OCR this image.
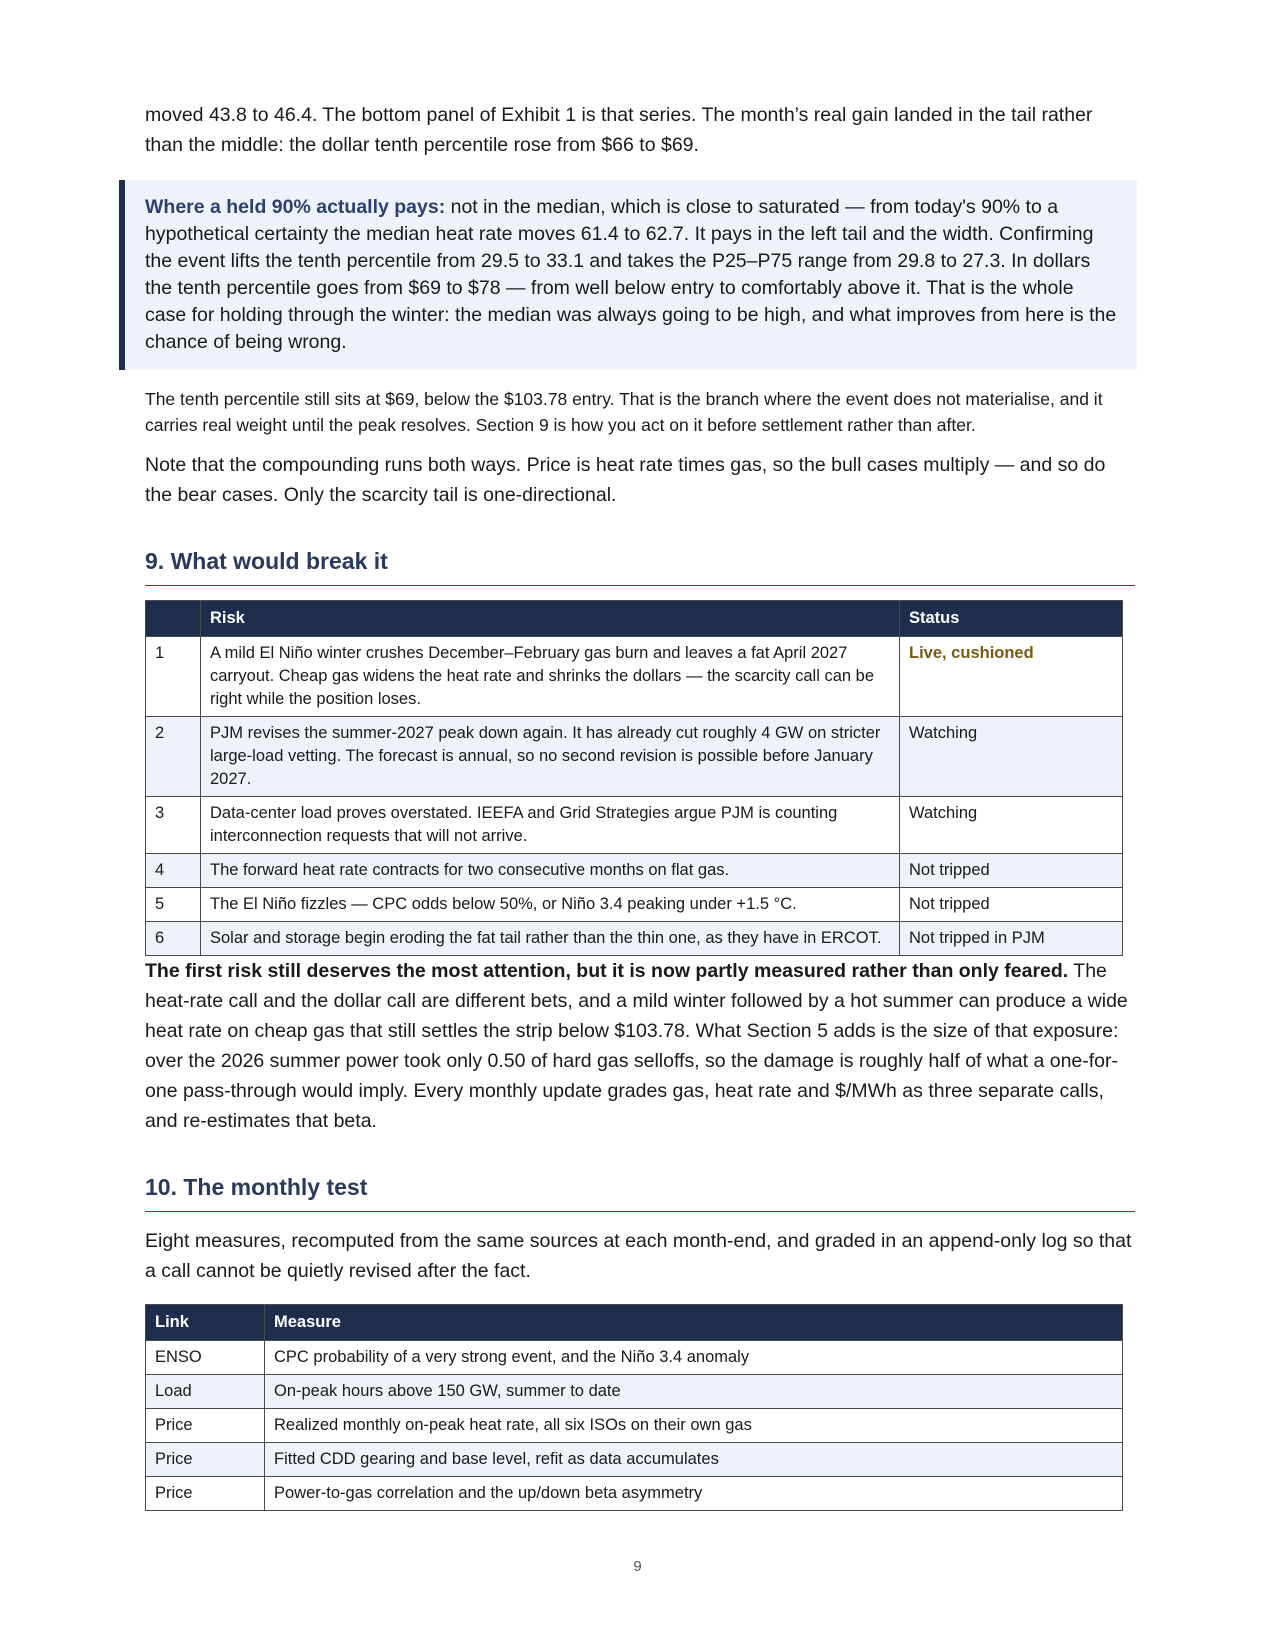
moved 43.8 to 46.4. The bottom panel of Exhibit 1 is that series. The month’s real gain landed in the tail rather than the middle: the dollar tenth percentile rose from $66 to $69.

Where a held 90% actually pays: not in the median, which is close to saturated — from today's 90% to a hypothetical certainty the median heat rate moves 61.4 to 62.7. It pays in the left tail and the width. Confirming the event lifts the tenth percentile from 29.5 to 33.1 and takes the P25–P75 range from 29.8 to 27.3. In dollars the tenth percentile goes from $69 to $78 — from well below entry to comfortably above it. That is the whole case for holding through the winter: the median was always going to be high, and what improves from here is the chance of being wrong.

The tenth percentile still sits at $69, below the $103.78 entry. That is the branch where the event does not materialise, and it carries real weight until the peak resolves. Section 9 is how you act on it before settlement rather than after.

Note that the compounding runs both ways. Price is heat rate times gas, so the bull cases multiply — and so do the bear cases. Only the scarcity tail is one-directional.

9. What would break it
	Risk	Status
1	A mild El Niño winter crushes December–February gas burn and leaves a fat April 2027 carryout. Cheap gas widens the heat rate and shrinks the dollars — the scarcity call can be right while the position loses.	Live, cushioned
2	PJM revises the summer-2027 peak down again. It has already cut roughly 4 GW on stricter large-load vetting. The forecast is annual, so no second revision is possible before January 2027.	Watching
3	Data-center load proves overstated. IEEFA and Grid Strategies argue PJM is counting interconnection requests that will not arrive.	Watching
4	The forward heat rate contracts for two consecutive months on flat gas.	Not tripped
5	The El Niño fizzles — CPC odds below 50%, or Niño 3.4 peaking under +1.5 °C.	Not tripped
6	Solar and storage begin eroding the fat tail rather than the thin one, as they have in ERCOT.	Not tripped in PJM

The first risk still deserves the most attention, but it is now partly measured rather than only feared. The heat-rate call and the dollar call are different bets, and a mild winter followed by a hot summer can produce a wide heat rate on cheap gas that still settles the strip below $103.78. What Section 5 adds is the size of that exposure: over the 2026 summer power took only 0.50 of hard gas selloffs, so the damage is roughly half of what a one-for-one pass-through would imply. Every monthly update grades gas, heat rate and $/MWh as three separate calls, and re-estimates that beta.

10. The monthly test

Eight measures, recomputed from the same sources at each month-end, and graded in an append-only log so that a call cannot be quietly revised after the fact.

Link	Measure
ENSO	CPC probability of a very strong event, and the Niño 3.4 anomaly
Load	On-peak hours above 150 GW, summer to date
Price	Realized monthly on-peak heat rate, all six ISOs on their own gas
Price	Fitted CDD gearing and base level, refit as data accumulates
Price	Power-to-gas correlation and the up/down beta asymmetry
9
